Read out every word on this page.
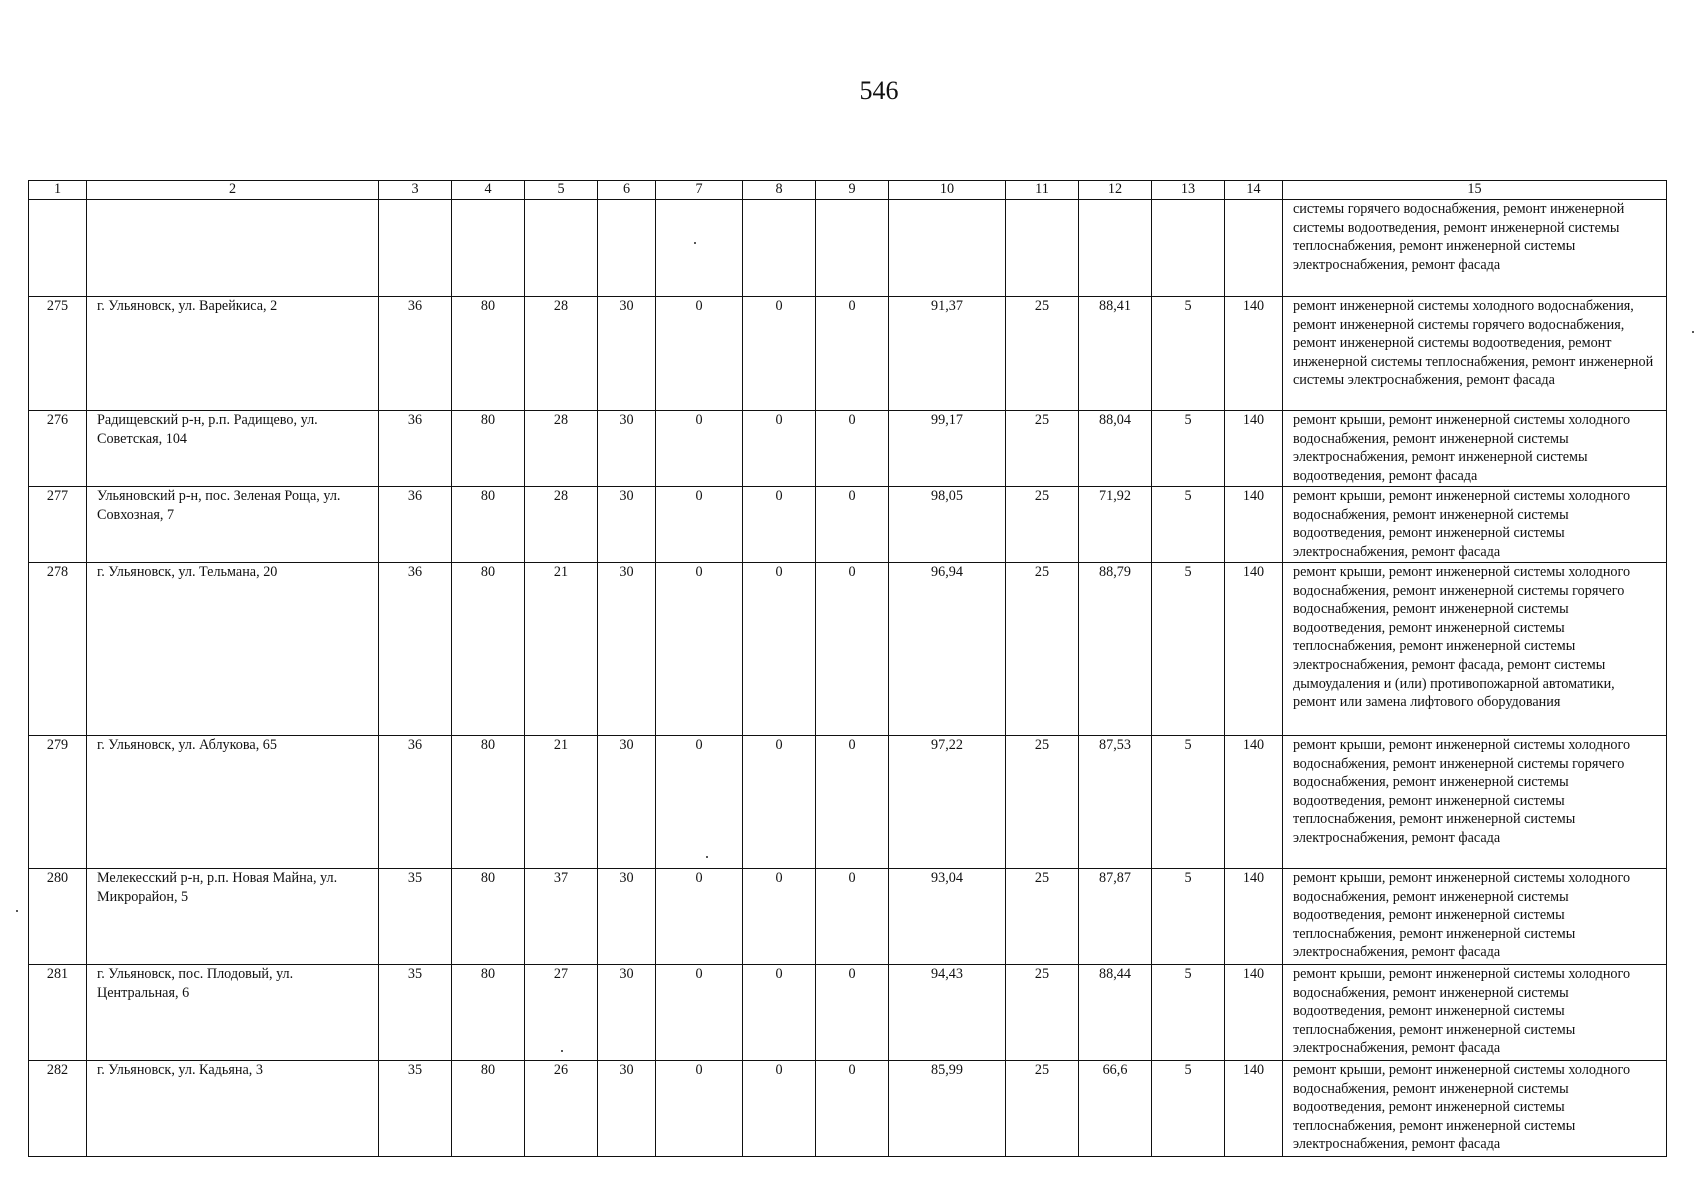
546
1	2	3	4	5	6	7	8	9	10	11	12	13	14	15
														системы горячего водоснабжения, ремонт инженерной системы водоотведения, ремонт инженерной системы теплоснабжения, ремонт инженерной системы электроснабжения, ремонт фасада
275	г. Ульяновск, ул. Варейкиса, 2	36	80	28	30	0	0	0	91,37	25	88,41	5	140	ремонт инженерной системы холодного водоснабжения, ремонт инженерной системы горячего водоснабжения, ремонт инженерной системы водоотведения, ремонт инженерной системы теплоснабжения, ремонт инженерной системы электроснабжения, ремонт фасада
276	Радищевский р-н, р.п. Радищево, ул. Советская, 104	36	80	28	30	0	0	0	99,17	25	88,04	5	140	ремонт крыши, ремонт инженерной системы холодного водоснабжения, ремонт инженерной системы электроснабжения, ремонт инженерной системы водоотведения, ремонт фасада
277	Ульяновский р-н, пос. Зеленая Роща, ул. Совхозная, 7	36	80	28	30	0	0	0	98,05	25	71,92	5	140	ремонт крыши, ремонт инженерной системы холодного водоснабжения, ремонт инженерной системы водоотведения, ремонт инженерной системы электроснабжения, ремонт фасада
278	г. Ульяновск, ул. Тельмана, 20	36	80	21	30	0	0	0	96,94	25	88,79	5	140	ремонт крыши, ремонт инженерной системы холодного водоснабжения, ремонт инженерной системы горячего водоснабжения, ремонт инженерной системы водоотведения, ремонт инженерной системы теплоснабжения, ремонт инженерной системы электроснабжения, ремонт фасада, ремонт системы дымоудаления и (или) противопожарной автоматики, ремонт или замена лифтового оборудования
279	г. Ульяновск, ул. Аблукова, 65	36	80	21	30	0	0	0	97,22	25	87,53	5	140	ремонт крыши, ремонт инженерной системы холодного водоснабжения, ремонт инженерной системы горячего водоснабжения, ремонт инженерной системы водоотведения, ремонт инженерной системы теплоснабжения, ремонт инженерной системы электроснабжения, ремонт фасада
280	Мелекесский р-н, р.п. Новая Майна, ул. Микрорайон, 5	35	80	37	30	0	0	0	93,04	25	87,87	5	140	ремонт крыши, ремонт инженерной системы холодного водоснабжения, ремонт инженерной системы водоотведения, ремонт инженерной системы теплоснабжения, ремонт инженерной системы электроснабжения, ремонт фасада
281	г. Ульяновск, пос. Плодовый, ул. Центральная, 6	35	80	27	30	0	0	0	94,43	25	88,44	5	140	ремонт крыши, ремонт инженерной системы холодного водоснабжения, ремонт инженерной системы водоотведения, ремонт инженерной системы теплоснабжения, ремонт инженерной системы электроснабжения, ремонт фасада
282	г. Ульяновск, ул. Кадьяна, 3	35	80	26	30	0	0	0	85,99	25	66,6	5	140	ремонт крыши, ремонт инженерной системы холодного водоснабжения, ремонт инженерной системы водоотведения, ремонт инженерной системы теплоснабжения, ремонт инженерной системы электроснабжения, ремонт фасада
